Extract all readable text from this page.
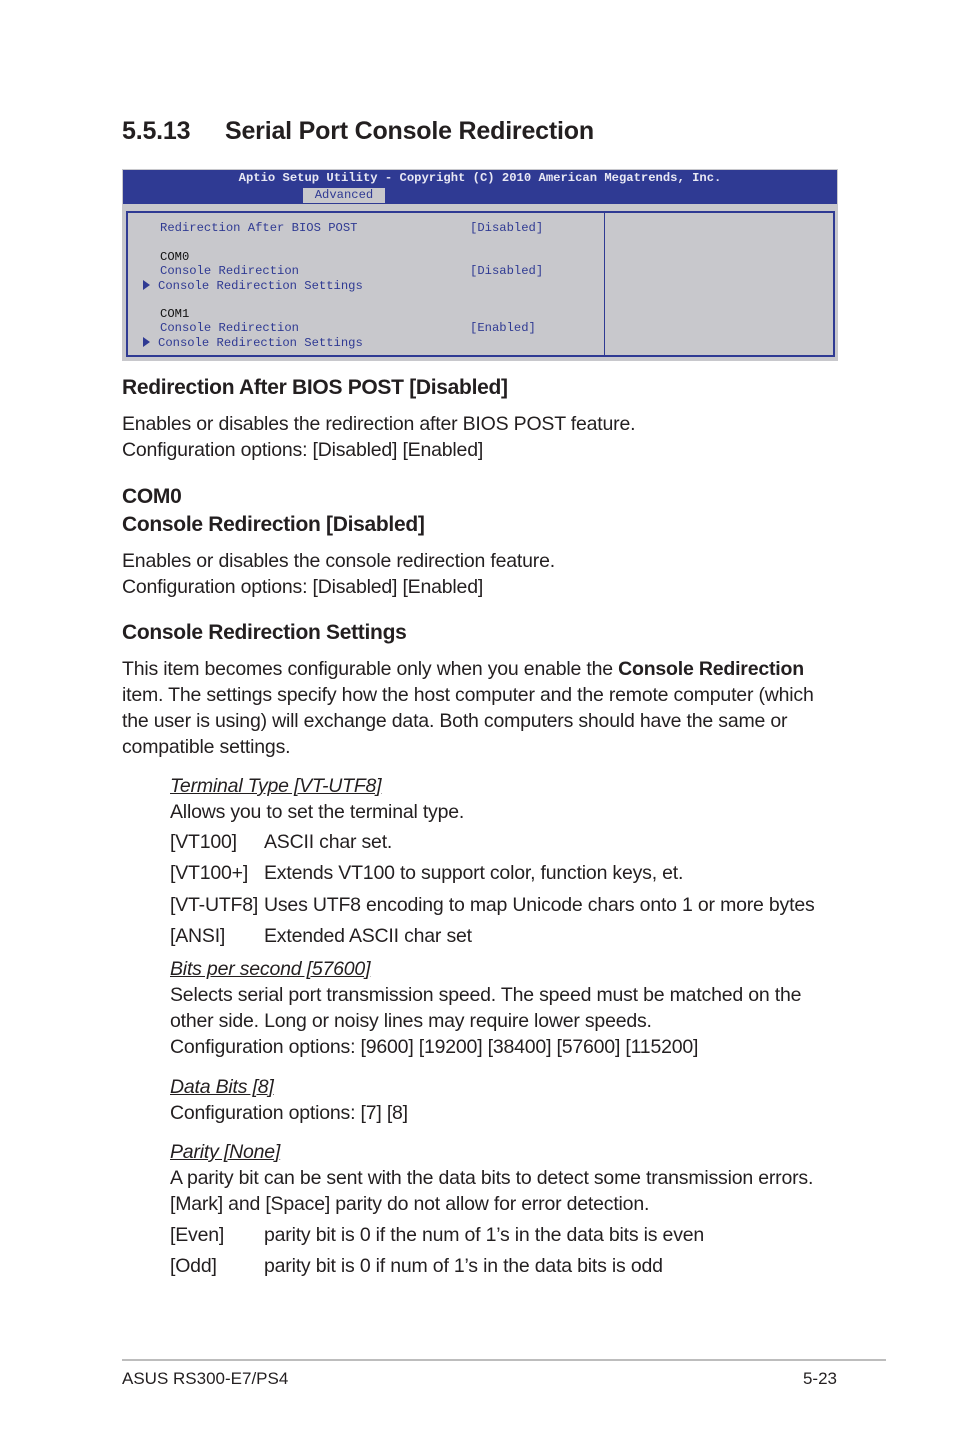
5.5.13 Serial Port Console Redirection
Aptio Setup Utility - Copyright (C) 2010 American Megatrends, Inc.
Advanced
Redirection After BIOS POST	[Disabled]
COM0
Console Redirection	[Disabled]
Console Redirection Settings
COM1
Console Redirection	[Enabled]
Console Redirection Settings
Redirection After BIOS POST [Disabled]
Enables or disables the redirection after BIOS POST feature.
Configuration options: [Disabled] [Enabled]
COM0
Console Redirection [Disabled]
Enables or disables the console redirection feature.
Configuration options: [Disabled] [Enabled]
Console Redirection Settings
This item becomes configurable only when you enable the Console Redirection
item. The settings specify how the host computer and the remote computer (which
the user is using) will exchange data. Both computers should have the same or
compatible settings.
Terminal Type [VT-UTF8]
Allows you to set the terminal type.
[VT100] ASCII char set.
[VT100+] Extends VT100 to support color, function keys, et.
[VT-UTF8] Uses UTF8 encoding to map Unicode chars onto 1 or more bytes
[ANSI] Extended ASCII char set
Bits per second [57600]
Selects serial port transmission speed. The speed must be matched on the
other side. Long or noisy lines may require lower speeds.
Configuration options: [9600] [19200] [38400] [57600] [115200]
Data Bits [8]
Configuration options: [7] [8]
Parity [None]
A parity bit can be sent with the data bits to detect some transmission errors.
[Mark] and [Space] parity do not allow for error detection.
[Even] parity bit is 0 if the num of 1’s in the data bits is even
[Odd] parity bit is 0 if num of 1’s in the data bits is odd
ASUS RS300-E7/PS4	5-23
